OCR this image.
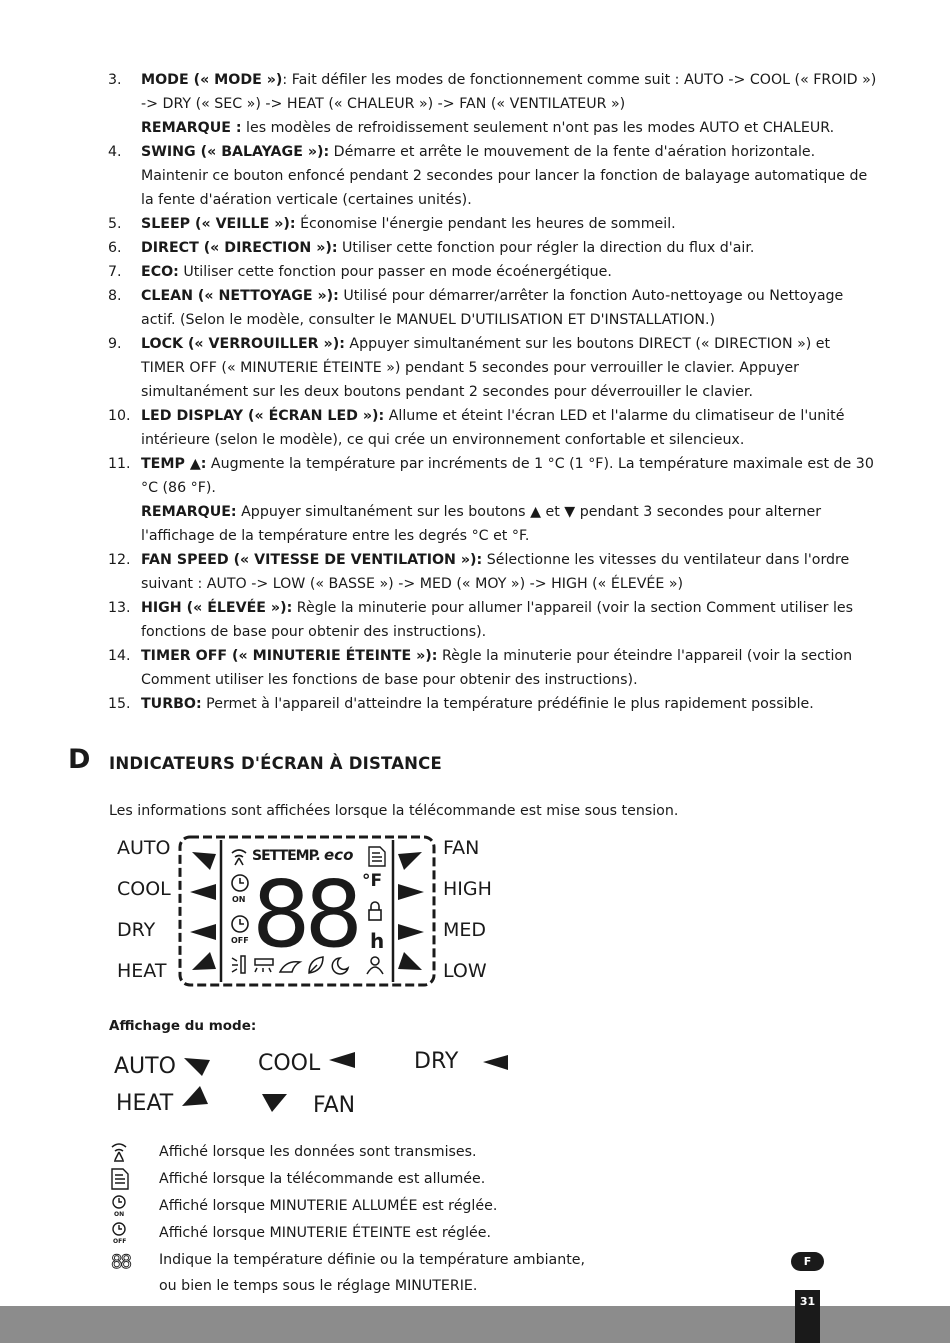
3.	MODE (« MODE »): Fait défiler les modes de fonctionnement comme suit : AUTO -> COOL (« FROID ») -> DRY (« SEC ») -> HEAT (« CHALEUR ») -> FAN (« VENTILATEUR »)
REMARQUE : les modèles de refroidissement seulement n'ont pas les modes AUTO et CHALEUR.
4.	SWING (« BALAYAGE »): Démarre et arrête le mouvement de la fente d'aération horizontale. Maintenir ce bouton enfoncé pendant 2 secondes pour lancer la fonction de balayage automatique de la fente d'aération verticale (certaines unités).
5.	SLEEP (« VEILLE »): Économise l'énergie pendant les heures de sommeil.
6.	DIRECT (« DIRECTION »): Utiliser cette fonction pour régler la direction du flux d'air.
7.	ECO: Utiliser cette fonction pour passer en mode écoénergétique.
8.	CLEAN (« NETTOYAGE »): Utilisé pour démarrer/arrêter la fonction Auto-nettoyage ou Nettoyage actif. (Selon le modèle, consulter le MANUEL D'UTILISATION ET D'INSTALLATION.)
9.	LOCK (« VERROUILLER »): Appuyer simultanément sur les boutons DIRECT (« DIRECTION ») et TIMER OFF (« MINUTERIE ÉTEINTE ») pendant 5 secondes pour verrouiller le clavier. Appuyer simultanément sur les deux boutons pendant 2 secondes pour déverrouiller le clavier.
10. LED DISPLAY (« ÉCRAN LED »): Allume et éteint l'écran LED et l'alarme du climatiseur de l'unité intérieure (selon le modèle), ce qui crée un environnement confortable et silencieux.
11. TEMP ▲: Augmente la température par incréments de 1 °C (1 °F). La température maximale est de 30 °C (86 °F).
REMARQUE: Appuyer simultanément sur les boutons ▲ et ▼ pendant 3 secondes pour alterner l'affichage de la température entre les degrés °C et °F.
12. FAN SPEED (« VITESSE DE VENTILATION »): Sélectionne les vitesses du ventilateur dans l'ordre suivant : AUTO -> LOW (« BASSE ») -> MED (« MOY ») -> HIGH (« ÉLEVÉE »)
13. HIGH (« ÉLEVÉE »): Règle la minuterie pour allumer l'appareil (voir la section Comment utiliser les fonctions de base pour obtenir des instructions).
14. TIMER OFF (« MINUTERIE ÉTEINTE »): Règle la minuterie pour éteindre l'appareil (voir la section Comment utiliser les fonctions de base pour obtenir des instructions).
15. TURBO: Permet à l'appareil d'atteindre la température prédéfinie le plus rapidement possible.
D INDICATEURS D'ÉCRAN À DISTANCE
Les informations sont affichées lorsque la télécommande est mise sous tension.
AUTO
COOL
DRY
HEAT
FAN
HIGH
MED
LOW
SETTEMP. eco
ON
OFF 88 °F
h
Affichage du mode:
AUTO	COOL	DRY
HEAT	FAN
Affiché lorsque les données sont transmises.
Affiché lorsque la télécommande est allumée.
ON
Affiché lorsque MINUTERIE ALLUMÉE est réglée.
OFF
Affiché lorsque MINUTERIE ÉTEINTE est réglée.
88 Indique la température définie ou la température ambiante,
ou bien le temps sous le réglage MINUTERIE.
F
31
